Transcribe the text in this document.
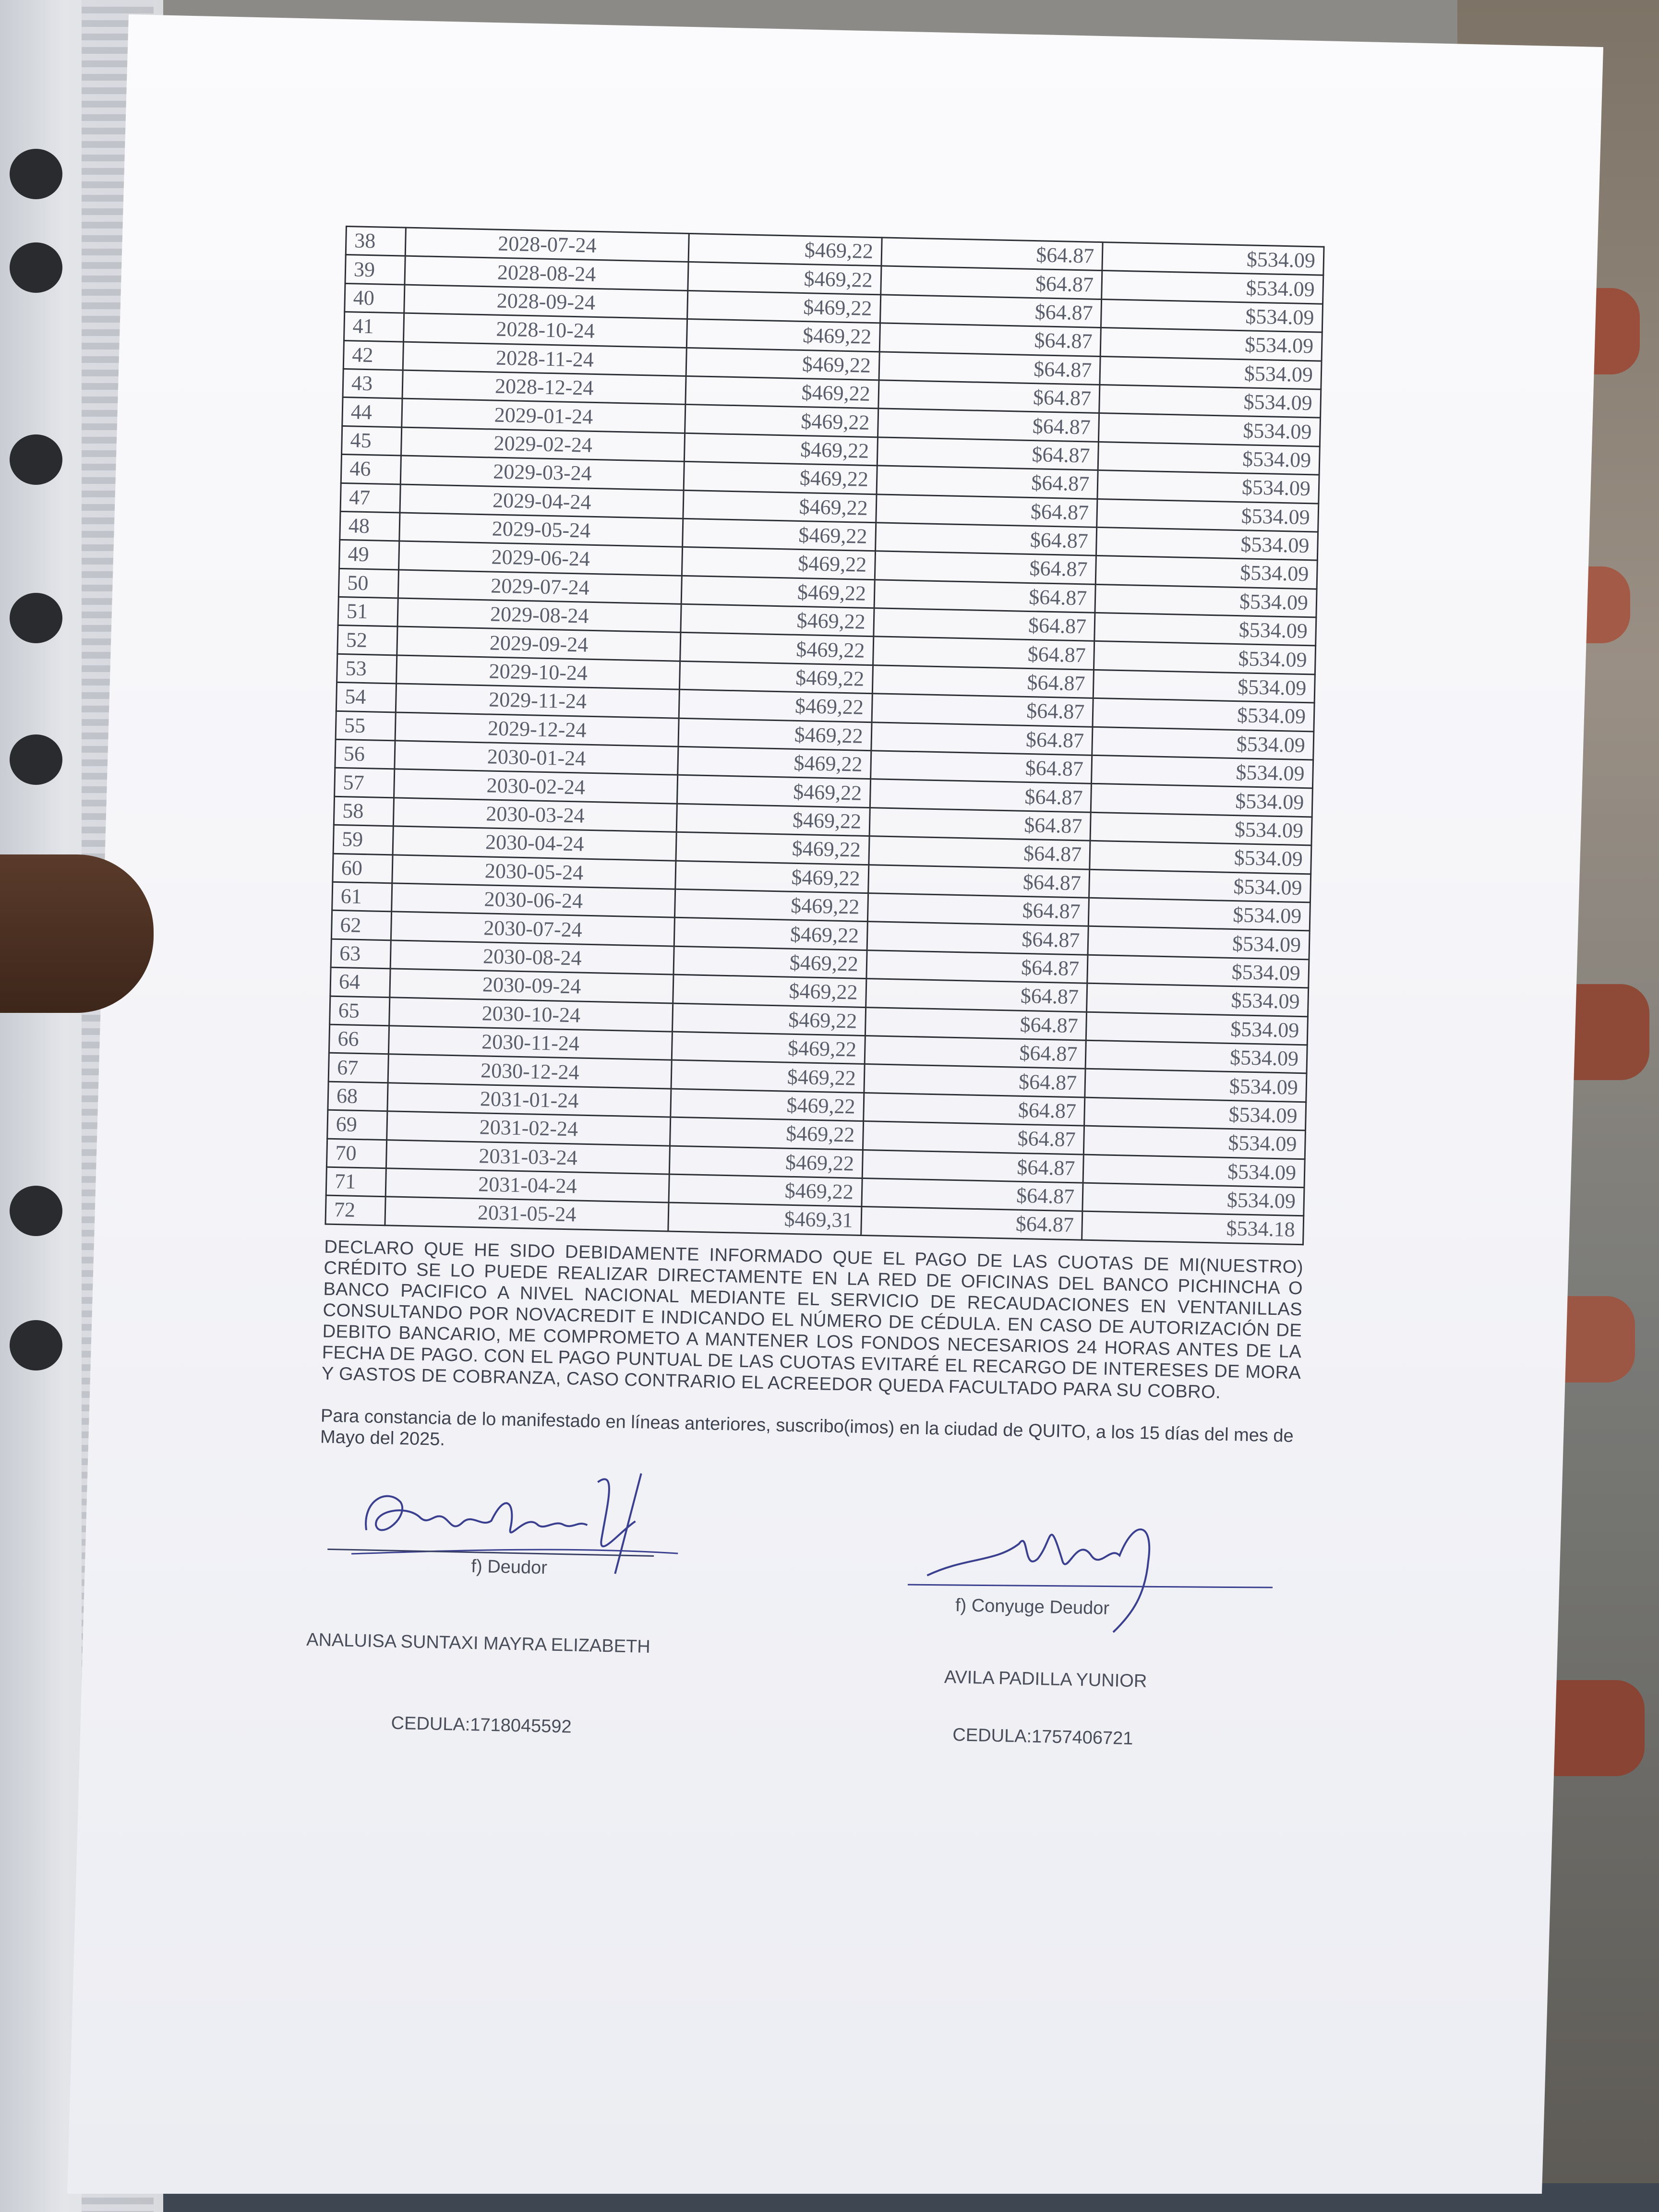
38	2028-07-24	$469,22	$64.87	$534.09
39	2028-08-24	$469,22	$64.87	$534.09
40	2028-09-24	$469,22	$64.87	$534.09
41	2028-10-24	$469,22	$64.87	$534.09
42	2028-11-24	$469,22	$64.87	$534.09
43	2028-12-24	$469,22	$64.87	$534.09
44	2029-01-24	$469,22	$64.87	$534.09
45	2029-02-24	$469,22	$64.87	$534.09
46	2029-03-24	$469,22	$64.87	$534.09
47	2029-04-24	$469,22	$64.87	$534.09
48	2029-05-24	$469,22	$64.87	$534.09
49	2029-06-24	$469,22	$64.87	$534.09
50	2029-07-24	$469,22	$64.87	$534.09
51	2029-08-24	$469,22	$64.87	$534.09
52	2029-09-24	$469,22	$64.87	$534.09
53	2029-10-24	$469,22	$64.87	$534.09
54	2029-11-24	$469,22	$64.87	$534.09
55	2029-12-24	$469,22	$64.87	$534.09
56	2030-01-24	$469,22	$64.87	$534.09
57	2030-02-24	$469,22	$64.87	$534.09
58	2030-03-24	$469,22	$64.87	$534.09
59	2030-04-24	$469,22	$64.87	$534.09
60	2030-05-24	$469,22	$64.87	$534.09
61	2030-06-24	$469,22	$64.87	$534.09
62	2030-07-24	$469,22	$64.87	$534.09
63	2030-08-24	$469,22	$64.87	$534.09
64	2030-09-24	$469,22	$64.87	$534.09
65	2030-10-24	$469,22	$64.87	$534.09
66	2030-11-24	$469,22	$64.87	$534.09
67	2030-12-24	$469,22	$64.87	$534.09
68	2031-01-24	$469,22	$64.87	$534.09
69	2031-02-24	$469,22	$64.87	$534.09
70	2031-03-24	$469,22	$64.87	$534.09
71	2031-04-24	$469,22	$64.87	$534.09
72	2031-05-24	$469,31	$64.87	$534.18
DECLARO QUE HE SIDO DEBIDAMENTE INFORMADO QUE EL PAGO DE LAS CUOTAS DE MI(NUESTRO) CRÉDITO SE LO PUEDE REALIZAR DIRECTAMENTE EN LA RED DE OFICINAS DEL BANCO PICHINCHA O BANCO PACIFICO A NIVEL NACIONAL MEDIANTE EL SERVICIO DE RECAUDACIONES EN VENTANILLAS CONSULTANDO POR NOVACREDIT E INDICANDO EL NÚMERO DE CÉDULA. EN CASO DE AUTORIZACIÓN DE DEBITO BANCARIO, ME COMPROMETO A MANTENER LOS FONDOS NECESARIOS 24 HORAS ANTES DE LA FECHA DE PAGO. CON EL PAGO PUNTUAL DE LAS CUOTAS EVITARÉ EL RECARGO DE INTERESES DE MORA Y GASTOS DE COBRANZA, CASO CONTRARIO EL ACREEDOR QUEDA FACULTADO PARA SU COBRO.
Para constancia de lo manifestado en líneas anteriores, suscribo(imos) en la ciudad de QUITO, a los 15 días del mes de Mayo del 2025.
f) Deudor
ANALUISA SUNTAXI MAYRA ELIZABETH
CEDULA:1718045592
f) Conyuge Deudor
AVILA PADILLA YUNIOR
CEDULA:1757406721
